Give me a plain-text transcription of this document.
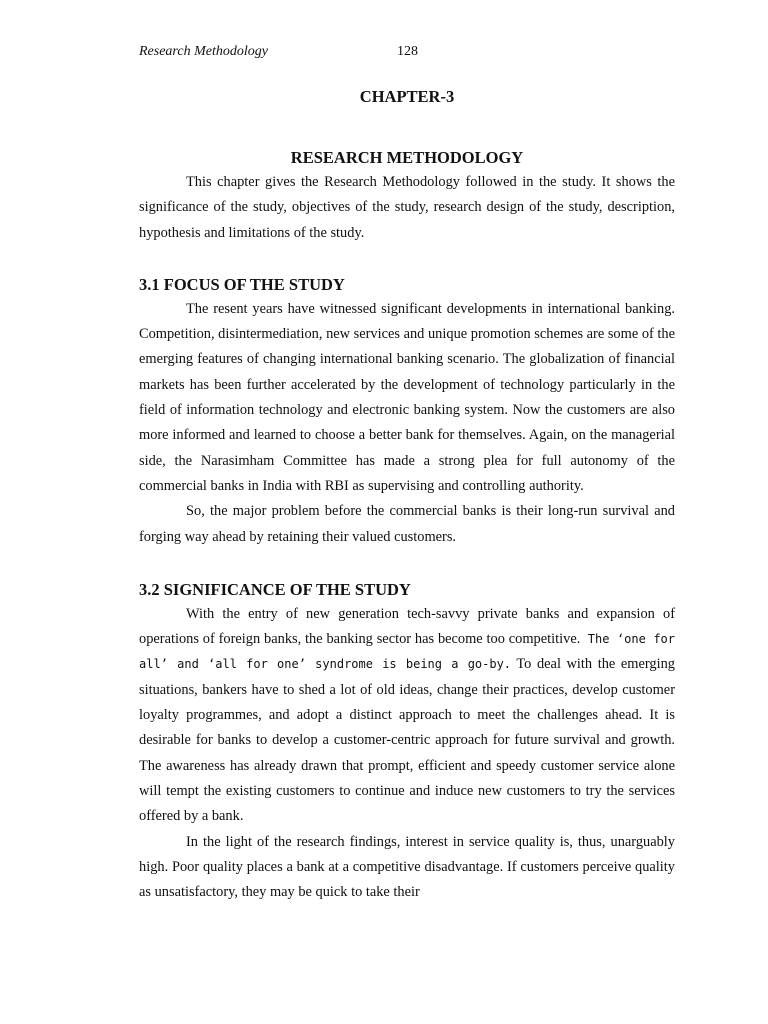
Research Methodology	128
CHAPTER-3
RESEARCH METHODOLOGY

This chapter gives the Research Methodology followed in the study. It shows the significance of the study, objectives of the study, research design of the study, description, hypothesis and limitations of the study.

3.1 FOCUS OF THE STUDY

The resent years have witnessed significant developments in international banking. Competition, disintermediation, new services and unique promotion schemes are some of the emerging features of changing international banking scenario. The globalization of financial markets has been further accelerated by the development of technology particularly in the field of information technology and electronic banking system. Now the customers are also more informed and learned to choose a better bank for themselves. Again, on the managerial side, the Narasimham Committee has made a strong plea for full autonomy of the commercial banks in India with RBI as supervising and controlling authority.

So, the major problem before the commercial banks is their long-run survival and forging way ahead by retaining their valued customers.

3.2 SIGNIFICANCE OF THE STUDY

With the entry of new generation tech-savvy private banks and expansion of operations of foreign banks, the banking sector has become too competitive. The ‘one for all’ and ‘all for one’ syndrome is being a go-by. To deal with the emerging situations, bankers have to shed a lot of old ideas, change their practices, develop customer loyalty programmes, and adopt a distinct approach to meet the challenges ahead. It is desirable for banks to develop a customer-centric approach for future survival and growth. The awareness has already drawn that prompt, efficient and speedy customer service alone will tempt the existing customers to continue and induce new customers to try the services offered by a bank.

In the light of the research findings, interest in service quality is, thus, unarguably high. Poor quality places a bank at a competitive disadvantage. If customers perceive quality as unsatisfactory, they may be quick to take their
